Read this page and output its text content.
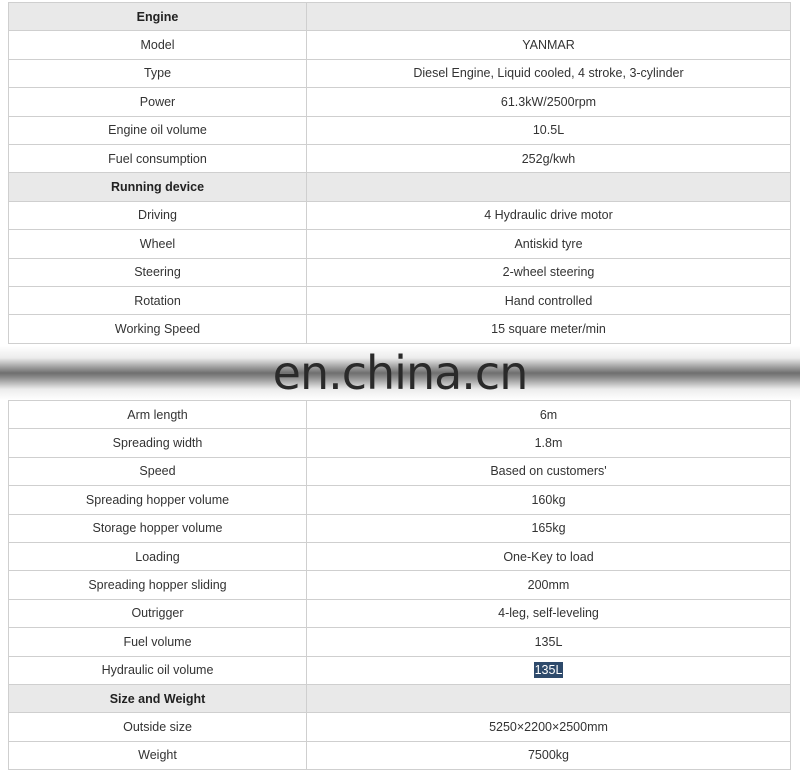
Engine	
Model	YANMAR
Type	Diesel Engine, Liquid cooled, 4 stroke, 3-cylinder
Power	61.3kW/2500rpm
Engine oil volume	10.5L
Fuel consumption	252g/kwh
Running device	
Driving	4 Hydraulic drive motor
Wheel	Antiskid tyre
Steering	2-wheel steering
Rotation	Hand controlled
Working Speed	15 square meter/min
en.china.cn
Arm length	6m
Spreading width	1.8m
Speed	Based on customers'
Spreading hopper volume	160kg
Storage hopper volume	165kg
Loading	One-Key to load
Spreading hopper sliding	200mm
Outrigger	4-leg, self-leveling
Fuel volume	135L
Hydraulic oil volume	135L
Size and Weight	
Outside size	5250×2200×2500mm
Weight	7500kg
